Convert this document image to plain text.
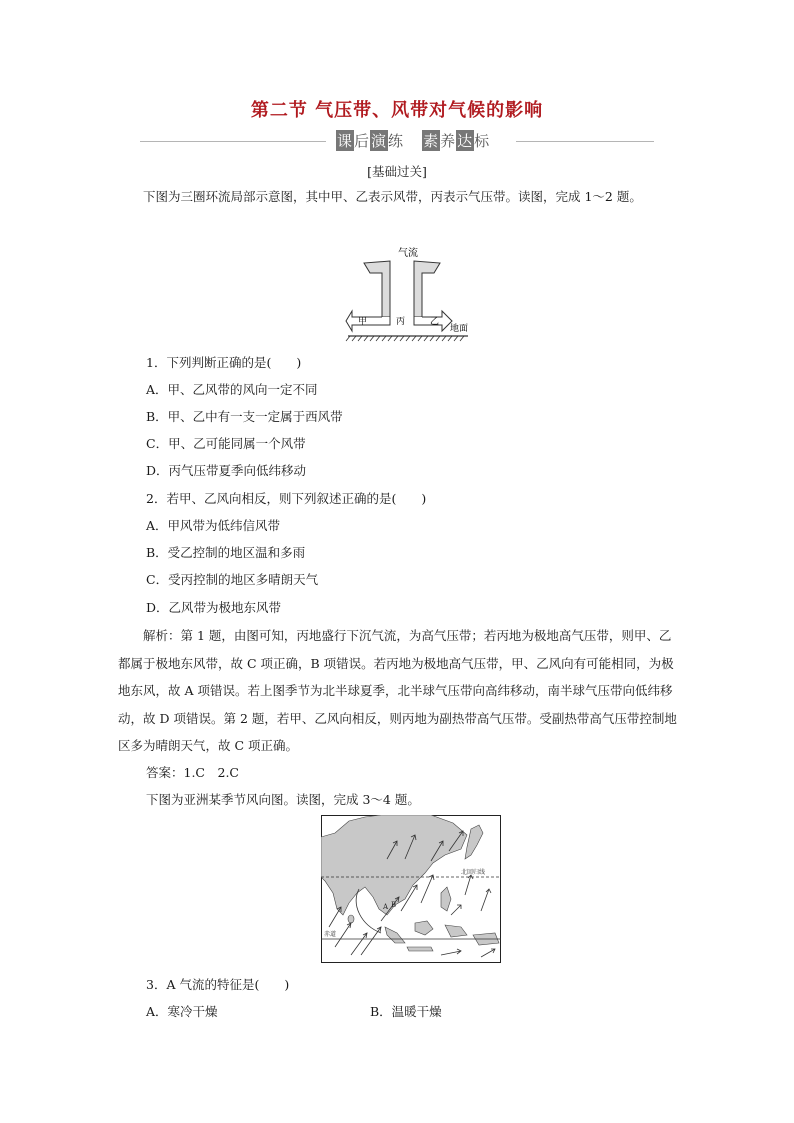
第二节 气压带、风带对气候的影响
课后演练 素养达标
[基础过关]

下图为三圈环流局部示意图，其中甲、乙表示风带，丙表示气压带。读图，完成 1～2 题。

气流
甲	丙	乙
地面
1．下列判断正确的是(　　)
A．甲、乙风带的风向一定不同
B．甲、乙中有一支一定属于西风带
C．甲、乙可能同属一个风带
D．丙气压带夏季向低纬移动
2．若甲、乙风向相反，则下列叙述正确的是(　　)
A．甲风带为低纬信风带
B．受乙控制的地区温和多雨
C．受丙控制的地区多晴朗天气
D．乙风带为极地东风带

解析：第 1 题，由图可知，丙地盛行下沉气流，为高气压带；若丙地为极地高气压带，则甲、乙都属于极地东风带，故 C 项正确，B 项错误。若丙地为极地高气压带，甲、乙风向有可能相同，为极地东风，故 A 项错误。若上图季节为北半球夏季，北半球气压带向高纬移动，南半球气压带向低纬移动，故 D 项错误。第 2 题，若甲、乙风向相反，则丙地为副热带高气压带。受副热带高气压带控制地区多为晴朗天气，故 C 项正确。

答案：1.C　2.C
下图为亚洲某季节风向图。读图，完成 3～4 题。
北回归线
赤道
A B
3．A 气流的特征是(　　)
A．寒冷干燥	B．温暖干燥
